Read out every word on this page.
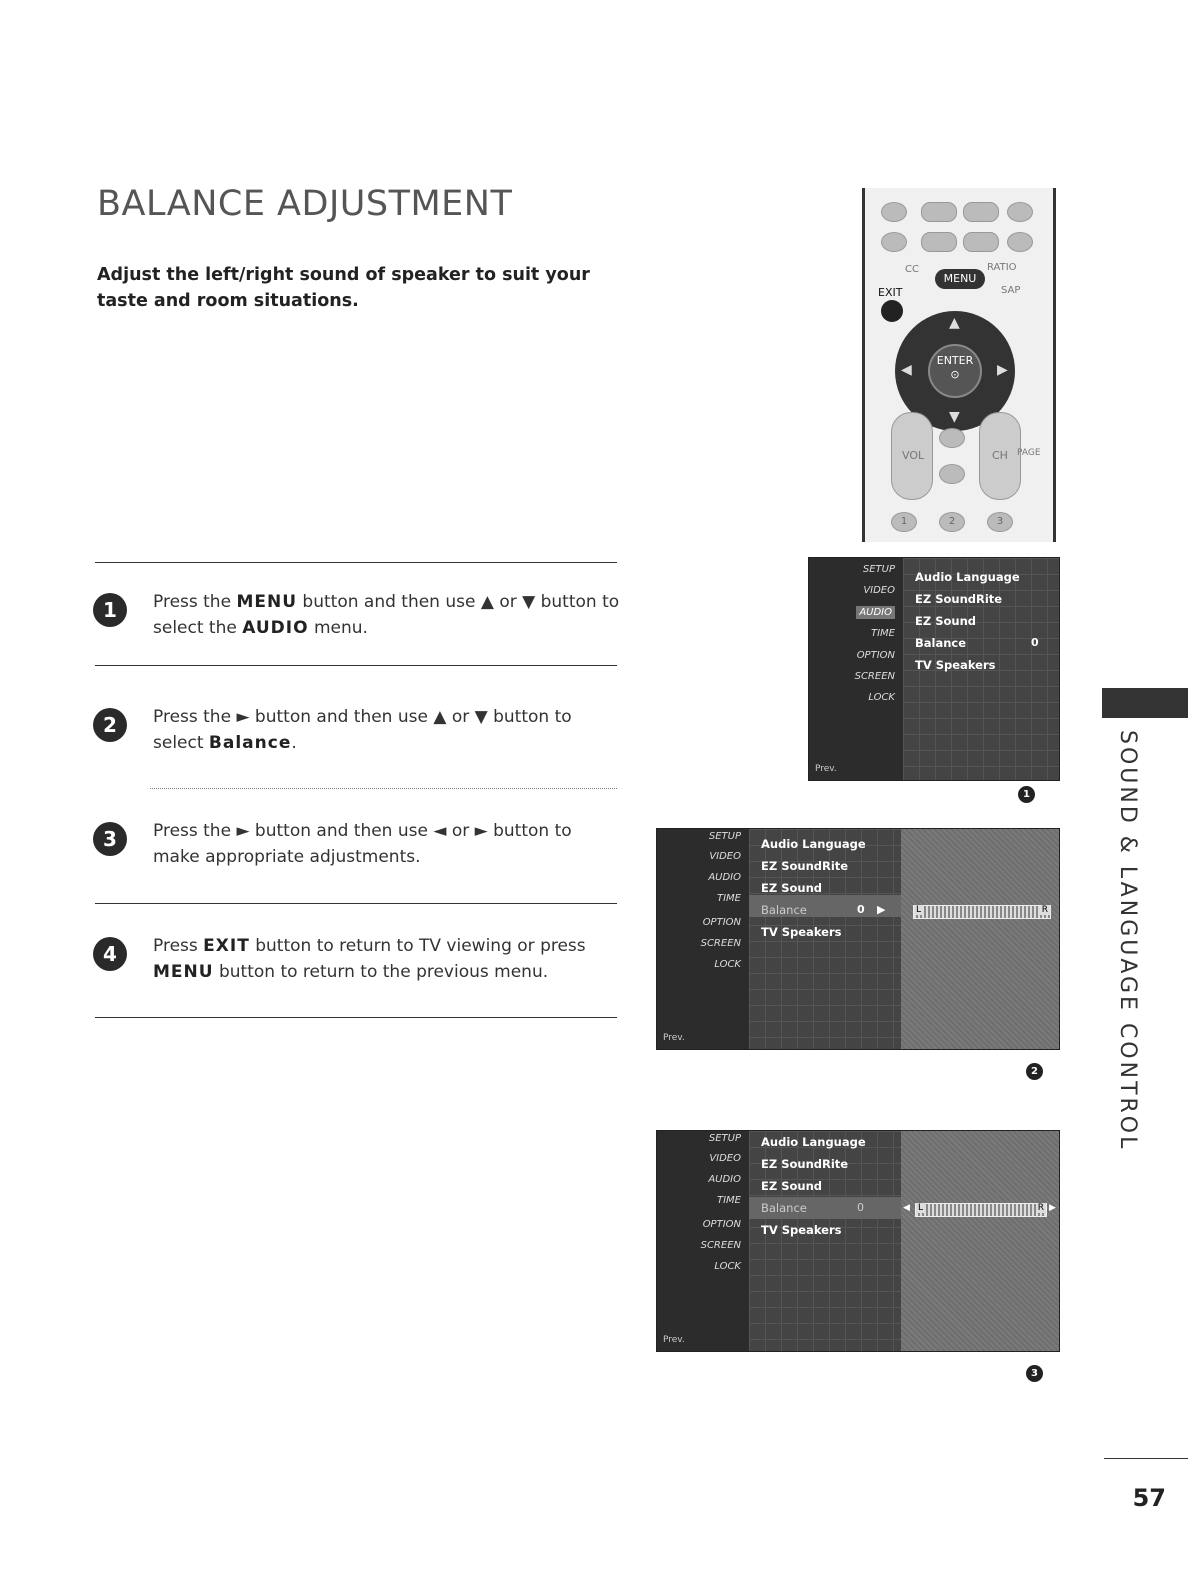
BALANCE ADJUSTMENT

Adjust the left/right sound of speaker to suit your taste and room situations.

1	Press the MENU button and then use ▲ or ▼ button to select the AUDIO menu.
2	Press the ► button and then use ▲ or ▼ button to select Balance.
3	Press the ► button and then use ◄ or ► button to make appropriate adjustments.
4	Press EXIT button to return to TV viewing or press MENU button to return to the previous menu.
CC	RATIO
MENU
EXIT	SAP
▲
▼
◀	▶
ENTER
⊙
VOL	CH PAGE
1	2	3
SETUP
VIDEO
AUDIO
TIME
OPTION
SCREEN
LOCK
Prev.
Audio Language
EZ SoundRite
EZ Sound
Balance	0
TV Speakers
1
SETUP
VIDEO
AUDIO
TIME
OPTION
SCREEN
LOCK
Prev.
Audio Language
EZ SoundRite
EZ Sound
Balance	0 ▶
TV Speakers
L	R
2
SETUP
VIDEO
AUDIO
TIME
OPTION
SCREEN
LOCK
Prev.
Audio Language
EZ SoundRite
EZ Sound
Balance	0
TV Speakers
◀ L	R ▶
3
SOUND & LANGUAGE CONTROL
57
